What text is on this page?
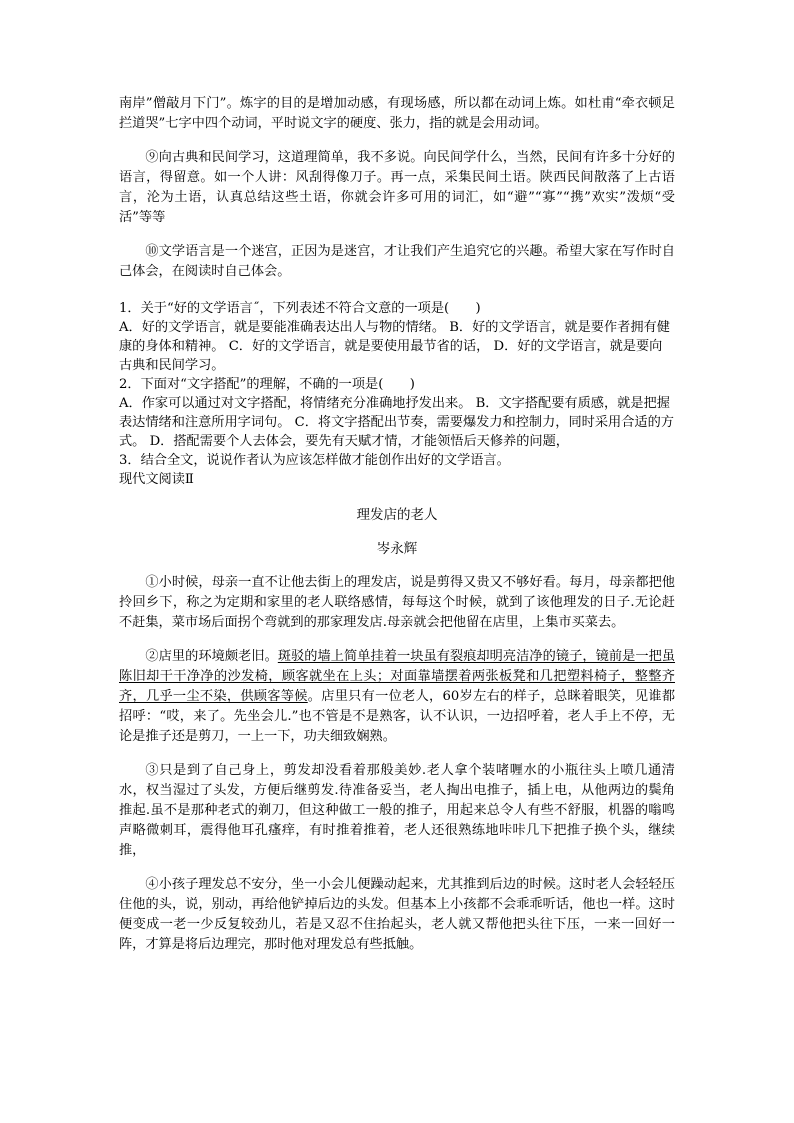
南岸”僧敲月下门”。炼字的目的是增加动感，有现场感，所以都在动词上炼。如杜甫“牵衣顿足拦道哭”七字中四个动词，平时说文字的硬度、张力，指的就是会用动词。

⑨向古典和民间学习，这道理简单，我不多说。向民间学什么，当然，民间有许多十分好的语言，得留意。如一个人讲：风刮得像刀子。再一点，采集民间土语。陕西民间散落了上古语言，沦为土语，认真总结这些土语，你就会许多可用的词汇，如“避”“寡”“携”欢实”泼烦“受活”等等

⑩文学语言是一个迷宫，正因为是迷宫，才让我们产生追究它的兴趣。希望大家在写作时自己体会，在阅读时自己体会。

1．关于“好的文学语言˝，下列表述不符合文意的一项是(　　)

A．好的文学语言，就是要能准确表达出人与物的情绪。 B．好的文学语言，就是要作者拥有健康的身体和精神。 C．好的文学语言，就是要使用最节省的话， D．好的文学语言，就是要向古典和民间学习。

2．下面对“文字搭配”的理解，不确的一项是(　　)

A．作家可以通过对文字搭配，将情绪充分准确地抒发出来。 B．文字搭配要有质感，就是把握表达情绪和注意所用字词句。 C．将文字搭配出节奏，需要爆发力和控制力，同时采用合适的方式。 D．搭配需要个人去体会，要先有天赋才情，才能领悟后天修养的问题，

3．结合全文，说说作者认为应该怎样做才能创作出好的文学语言。

现代文阅读Ⅱ

理发店的老人

岑永辉

①小时候，母亲一直不让他去街上的理发店，说是剪得又贵又不够好看。每月，母亲都把他拎回乡下，称之为定期和家里的老人联络感情，每每这个时候，就到了该他理发的日子.无论赶不赶集，菜市场后面拐个弯就到的那家理发店.母亲就会把他留在店里，上集市买菜去。

②店里的环境颇老旧。斑驳的墙上简单挂着一块虽有裂痕却明亮洁净的镜子，镜前是一把虽陈旧却干干净净的沙发椅，顾客就坐在上头；对面靠墙摆着两张板凳和几把塑料椅子，整整齐齐，几乎一尘不染，供顾客等候。店里只有一位老人，60岁左右的样子，总眯着眼笑，见谁都招呼：“哎，来了。先坐会儿.”也不管是不是熟客，认不认识，一边招呼着，老人手上不停，无论是推子还是剪刀，一上一下，功夫细致娴熟。

③只是到了自己身上，剪发却没看着那般美妙.老人拿个装啫喱水的小瓶往头上喷几通清水，权当湿过了头发，方便后继剪发.待准备妥当，老人掏出电推子，插上电，从他两边的鬓角推起.虽不是那种老式的剃刀，但这种做工一般的推子，用起来总令人有些不舒服，机器的嗡鸣声略微刺耳，震得他耳孔瘙痒，有时推着推着，老人还很熟练地咔咔几下把推子换个头，继续推，

④小孩子理发总不安分，坐一小会儿便躁动起来，尤其推到后边的时候。这时老人会轻轻压住他的头，说，别动，再给他铲掉后边的头发。但基本上小孩都不会乖乖听话，他也一样。这时便变成一老一少反复较劲儿，若是又忍不住抬起头，老人就又帮他把头往下压，一来一回好一阵，才算是将后边理完，那时他对理发总有些抵触。
